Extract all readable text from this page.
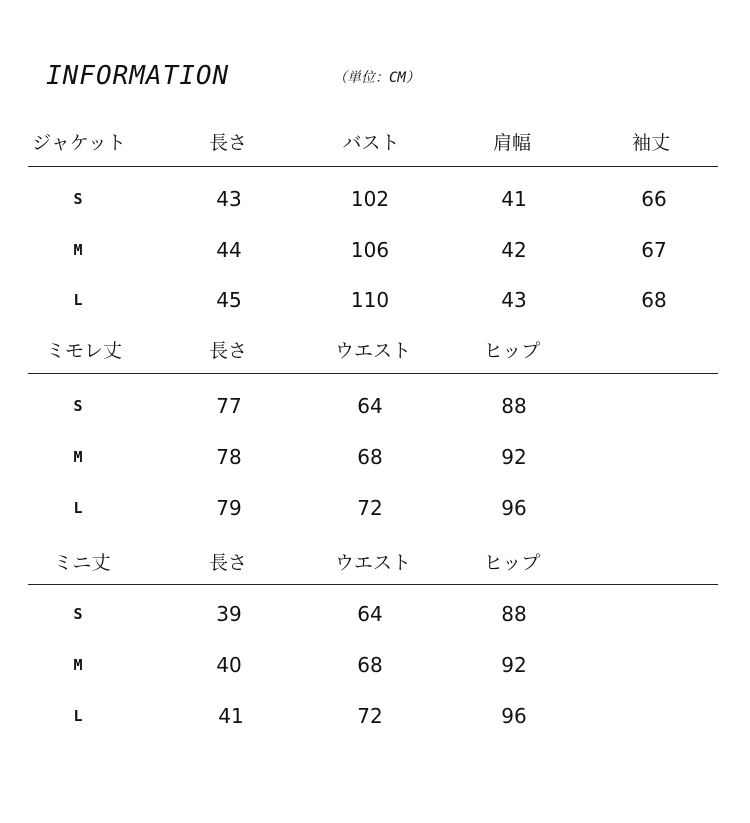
INFORMATION	（単位：CM）
ジャケット	長さ	バスト	肩幅	袖丈
S	43	102	41	66
M	44	106	42	67
L	45	110	43	68
ミモレ丈	長さ	ウエスト	ヒップ
S	77	64	88
M	78	68	92
L	79	72	96
ミニ丈	長さ	ウエスト	ヒップ
S	39	64	88
M	40	68	92
L	41	72	96
